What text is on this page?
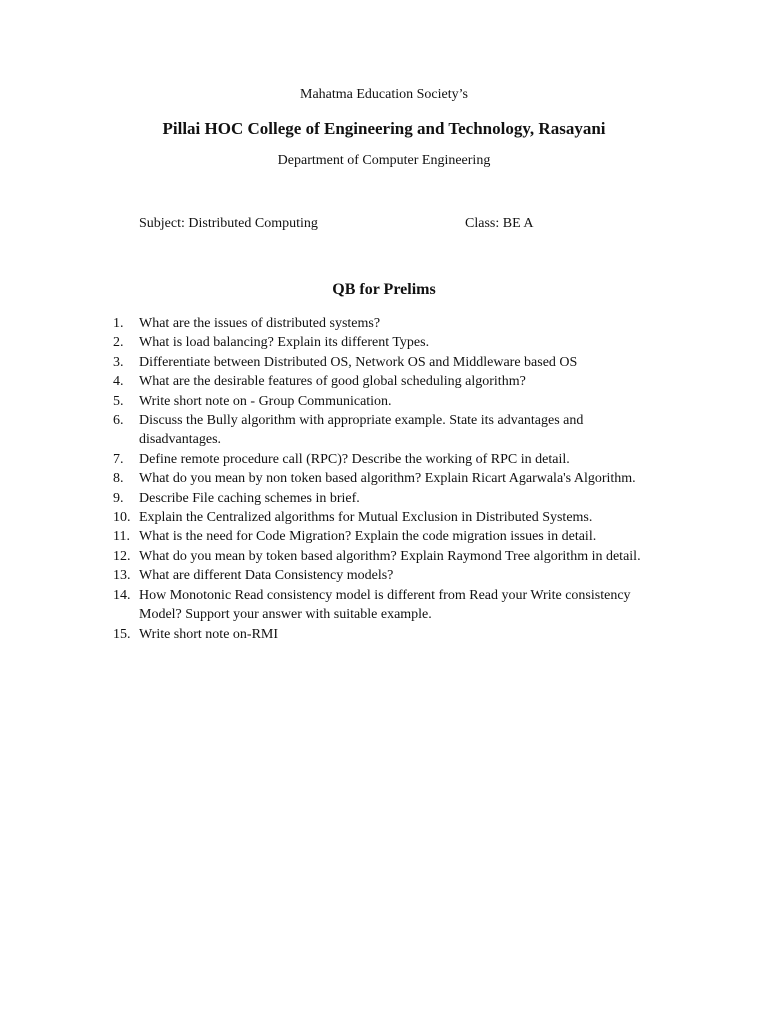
Mahatma Education Society’s
Pillai HOC College of Engineering and Technology, Rasayani
Department of Computer Engineering
Subject: Distributed Computing	Class: BE A
QB for Prelims
1. What are the issues of distributed systems?
2. What is load balancing? Explain its different Types.
3. Differentiate between Distributed OS, Network OS and Middleware based OS
4. What are the desirable features of good global scheduling algorithm?
5. Write short note on - Group Communication.
6. Discuss the Bully algorithm with appropriate example. State its advantages and disadvantages.
7. Define remote procedure call (RPC)? Describe the working of RPC in detail.
8. What do you mean by non token based algorithm? Explain Ricart Agarwala's Algorithm.
9. Describe File caching schemes in brief.
10. Explain the Centralized algorithms for Mutual Exclusion in Distributed Systems.
11. What is the need for Code Migration? Explain the code migration issues in detail.
12. What do you mean by token based algorithm? Explain Raymond Tree algorithm in detail.
13. What are different Data Consistency models?
14. How Monotonic Read consistency model is different from Read your Write consistency Model? Support your answer with suitable example.
15. Write short note on-RMI
